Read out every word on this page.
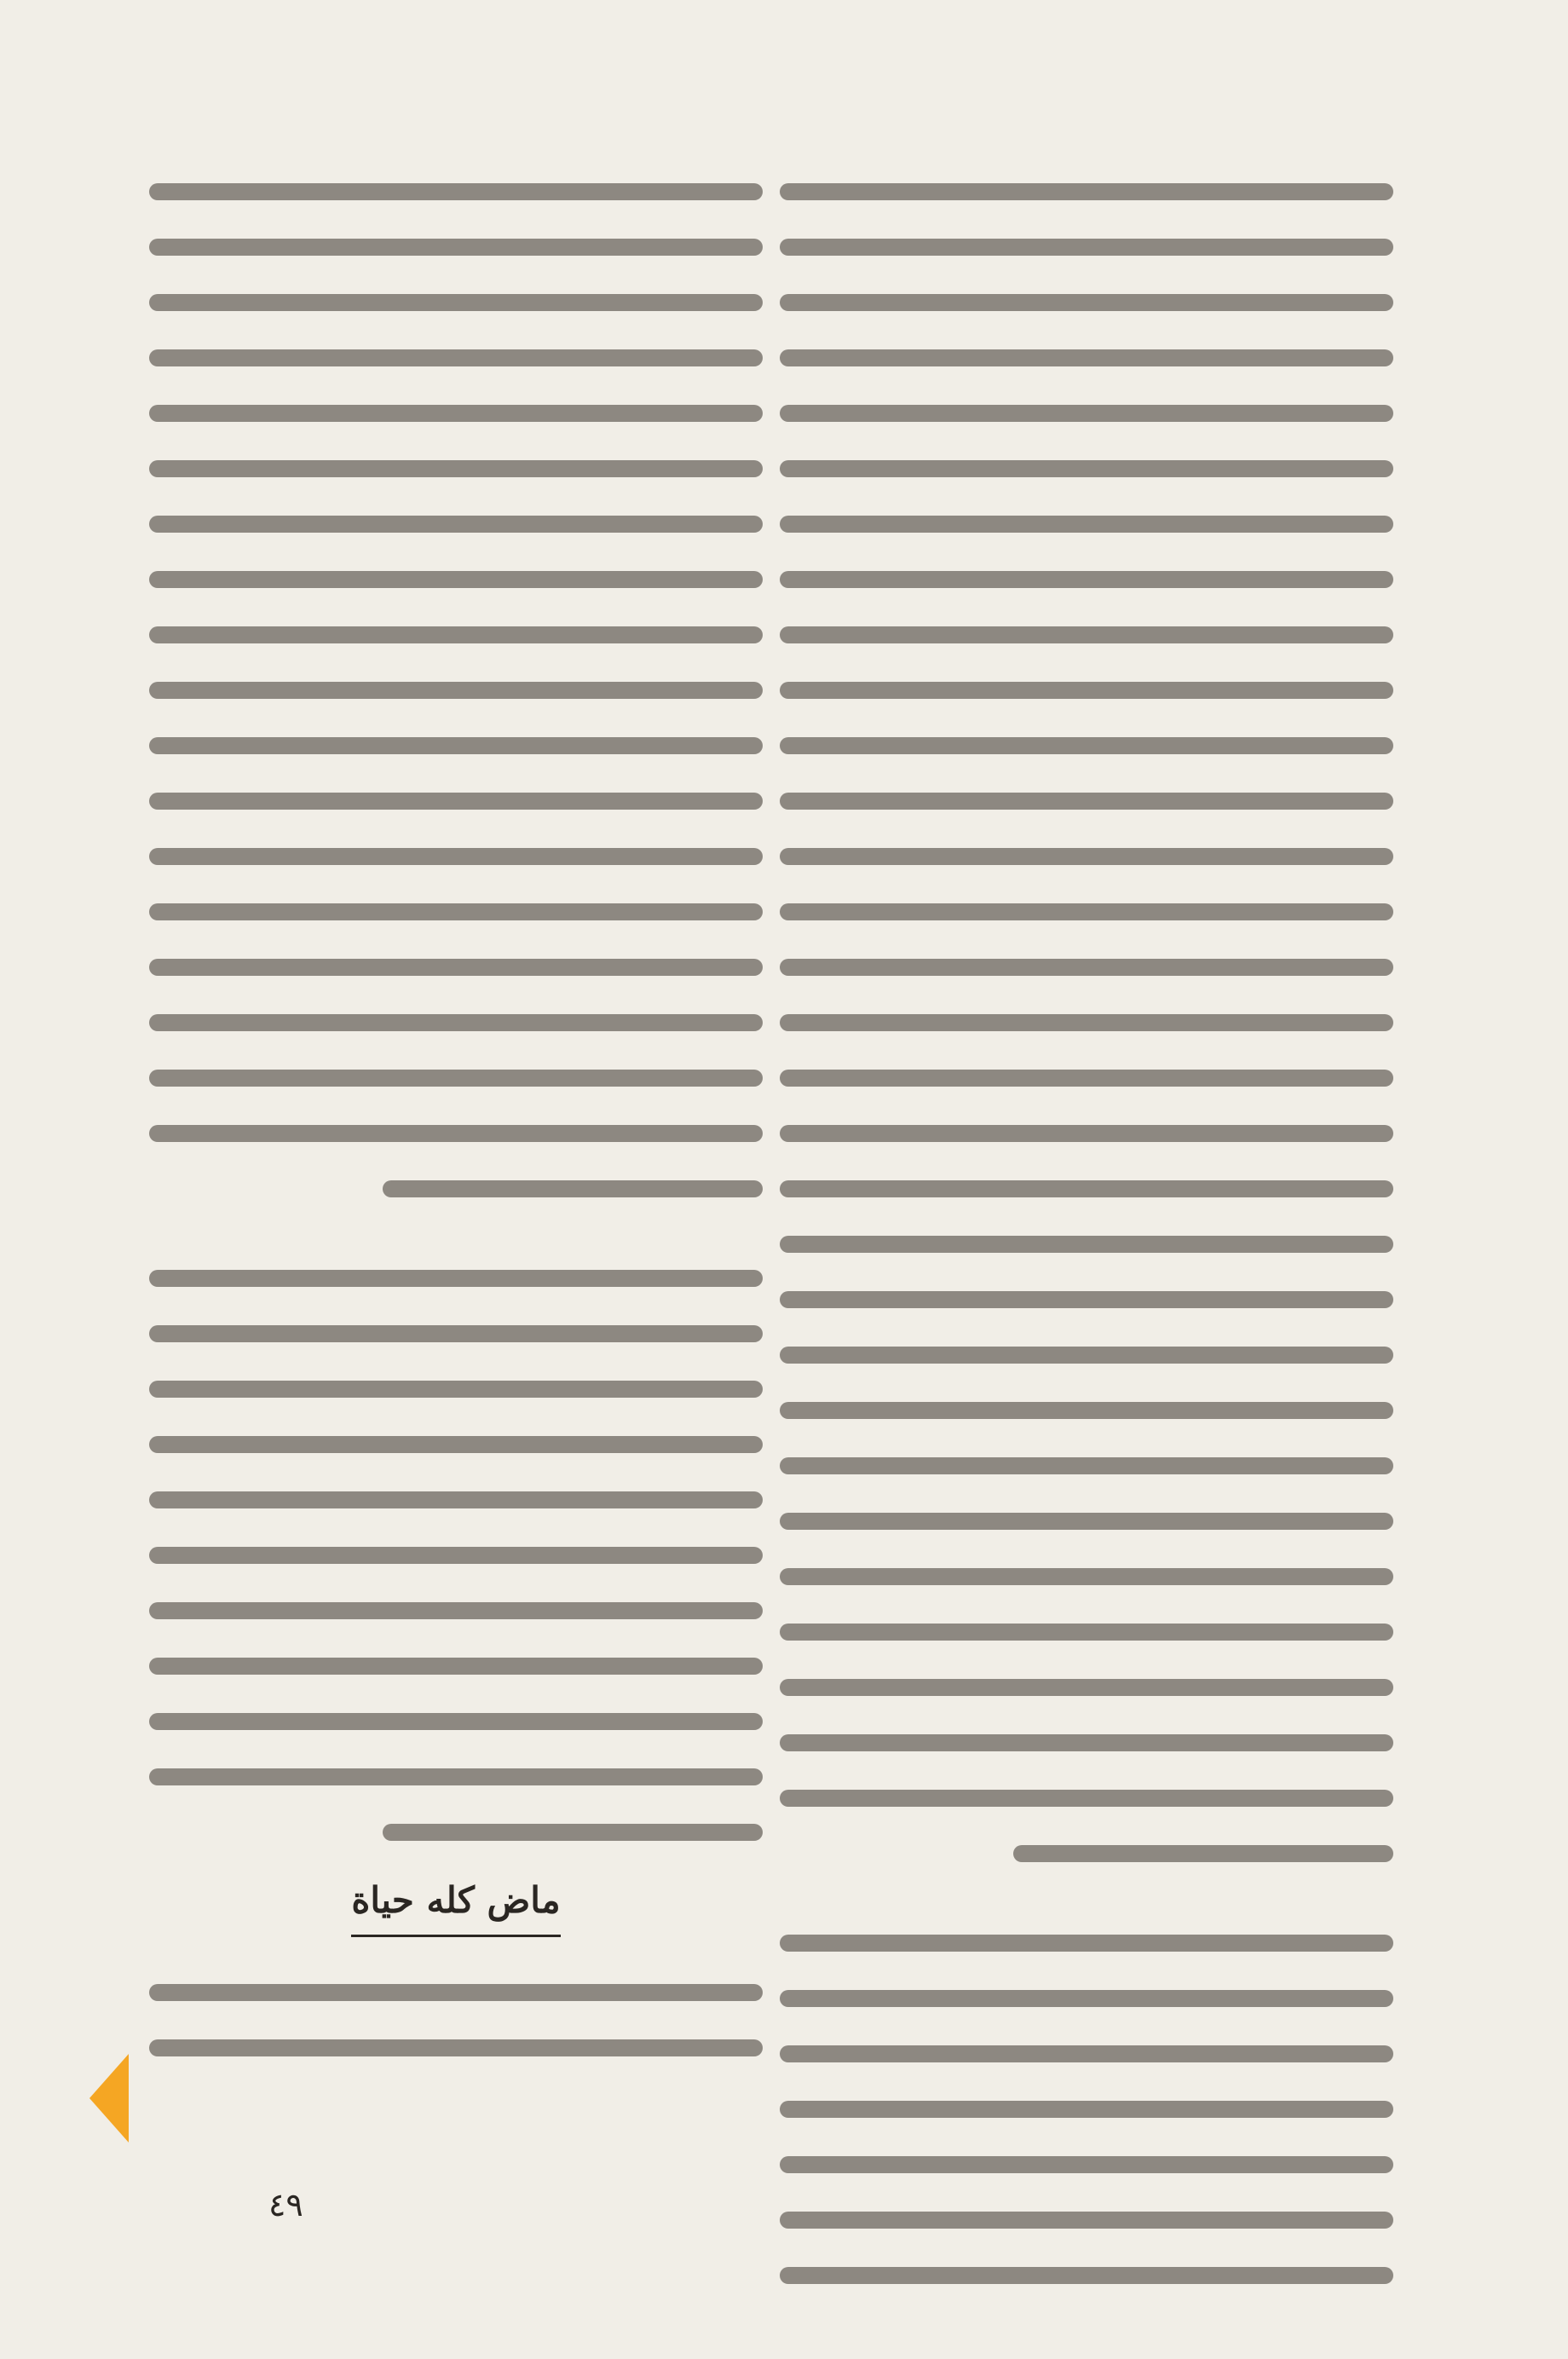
ماض كله حياة
٤٩
